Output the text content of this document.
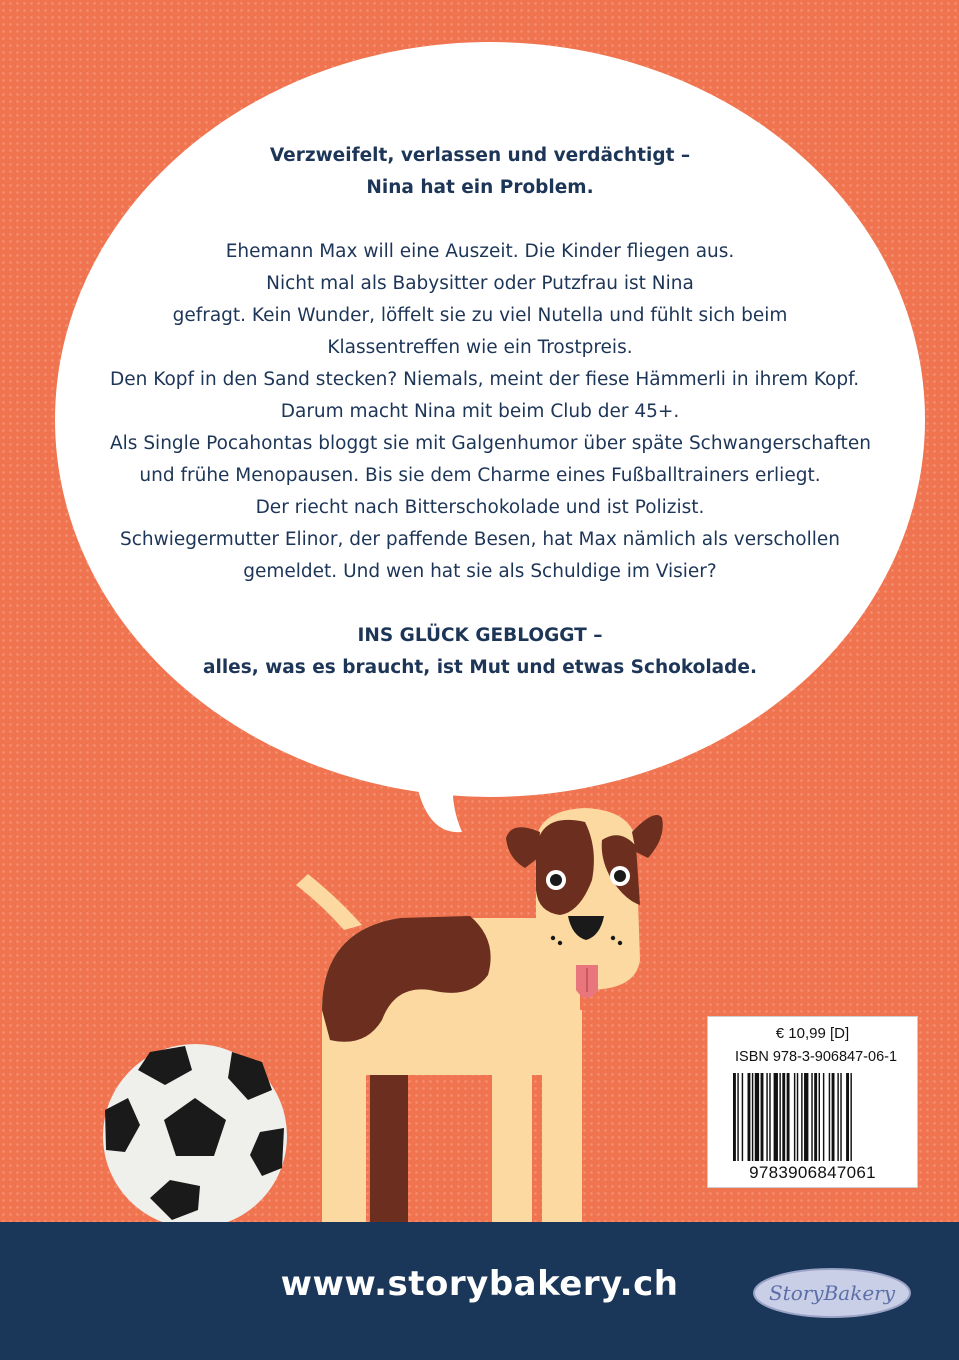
Verzweifelt, verlassen und verdächtigt –
Nina hat ein Problem.
Ehemann Max will eine Auszeit. Die Kinder fliegen aus.
Nicht mal als Babysitter oder Putzfrau ist Nina
gefragt. Kein Wunder, löffelt sie zu viel Nutella und fühlt sich beim
Klassentreffen wie ein Trostpreis.
Den Kopf in den Sand stecken? Niemals, meint der fiese Hämmerli in ihrem Kopf.
Darum macht Nina mit beim Club der 45+.
Als Single Pocahontas bloggt sie mit Galgenhumor über späte Schwangerschaften
und frühe Menopausen. Bis sie dem Charme eines Fußballtrainers erliegt.
Der riecht nach Bitterschokolade und ist Polizist.
Schwiegermutter Elinor, der paffende Besen, hat Max nämlich als verschollen
gemeldet. Und wen hat sie als Schuldige im Visier?
INS GLÜCK GEBLOGGT –
alles, was es braucht, ist Mut und etwas Schokolade.
€ 10,99 [D]
ISBN 978-3-906847-06-1
9783906847061
www.storybakery.ch	StoryBakery
